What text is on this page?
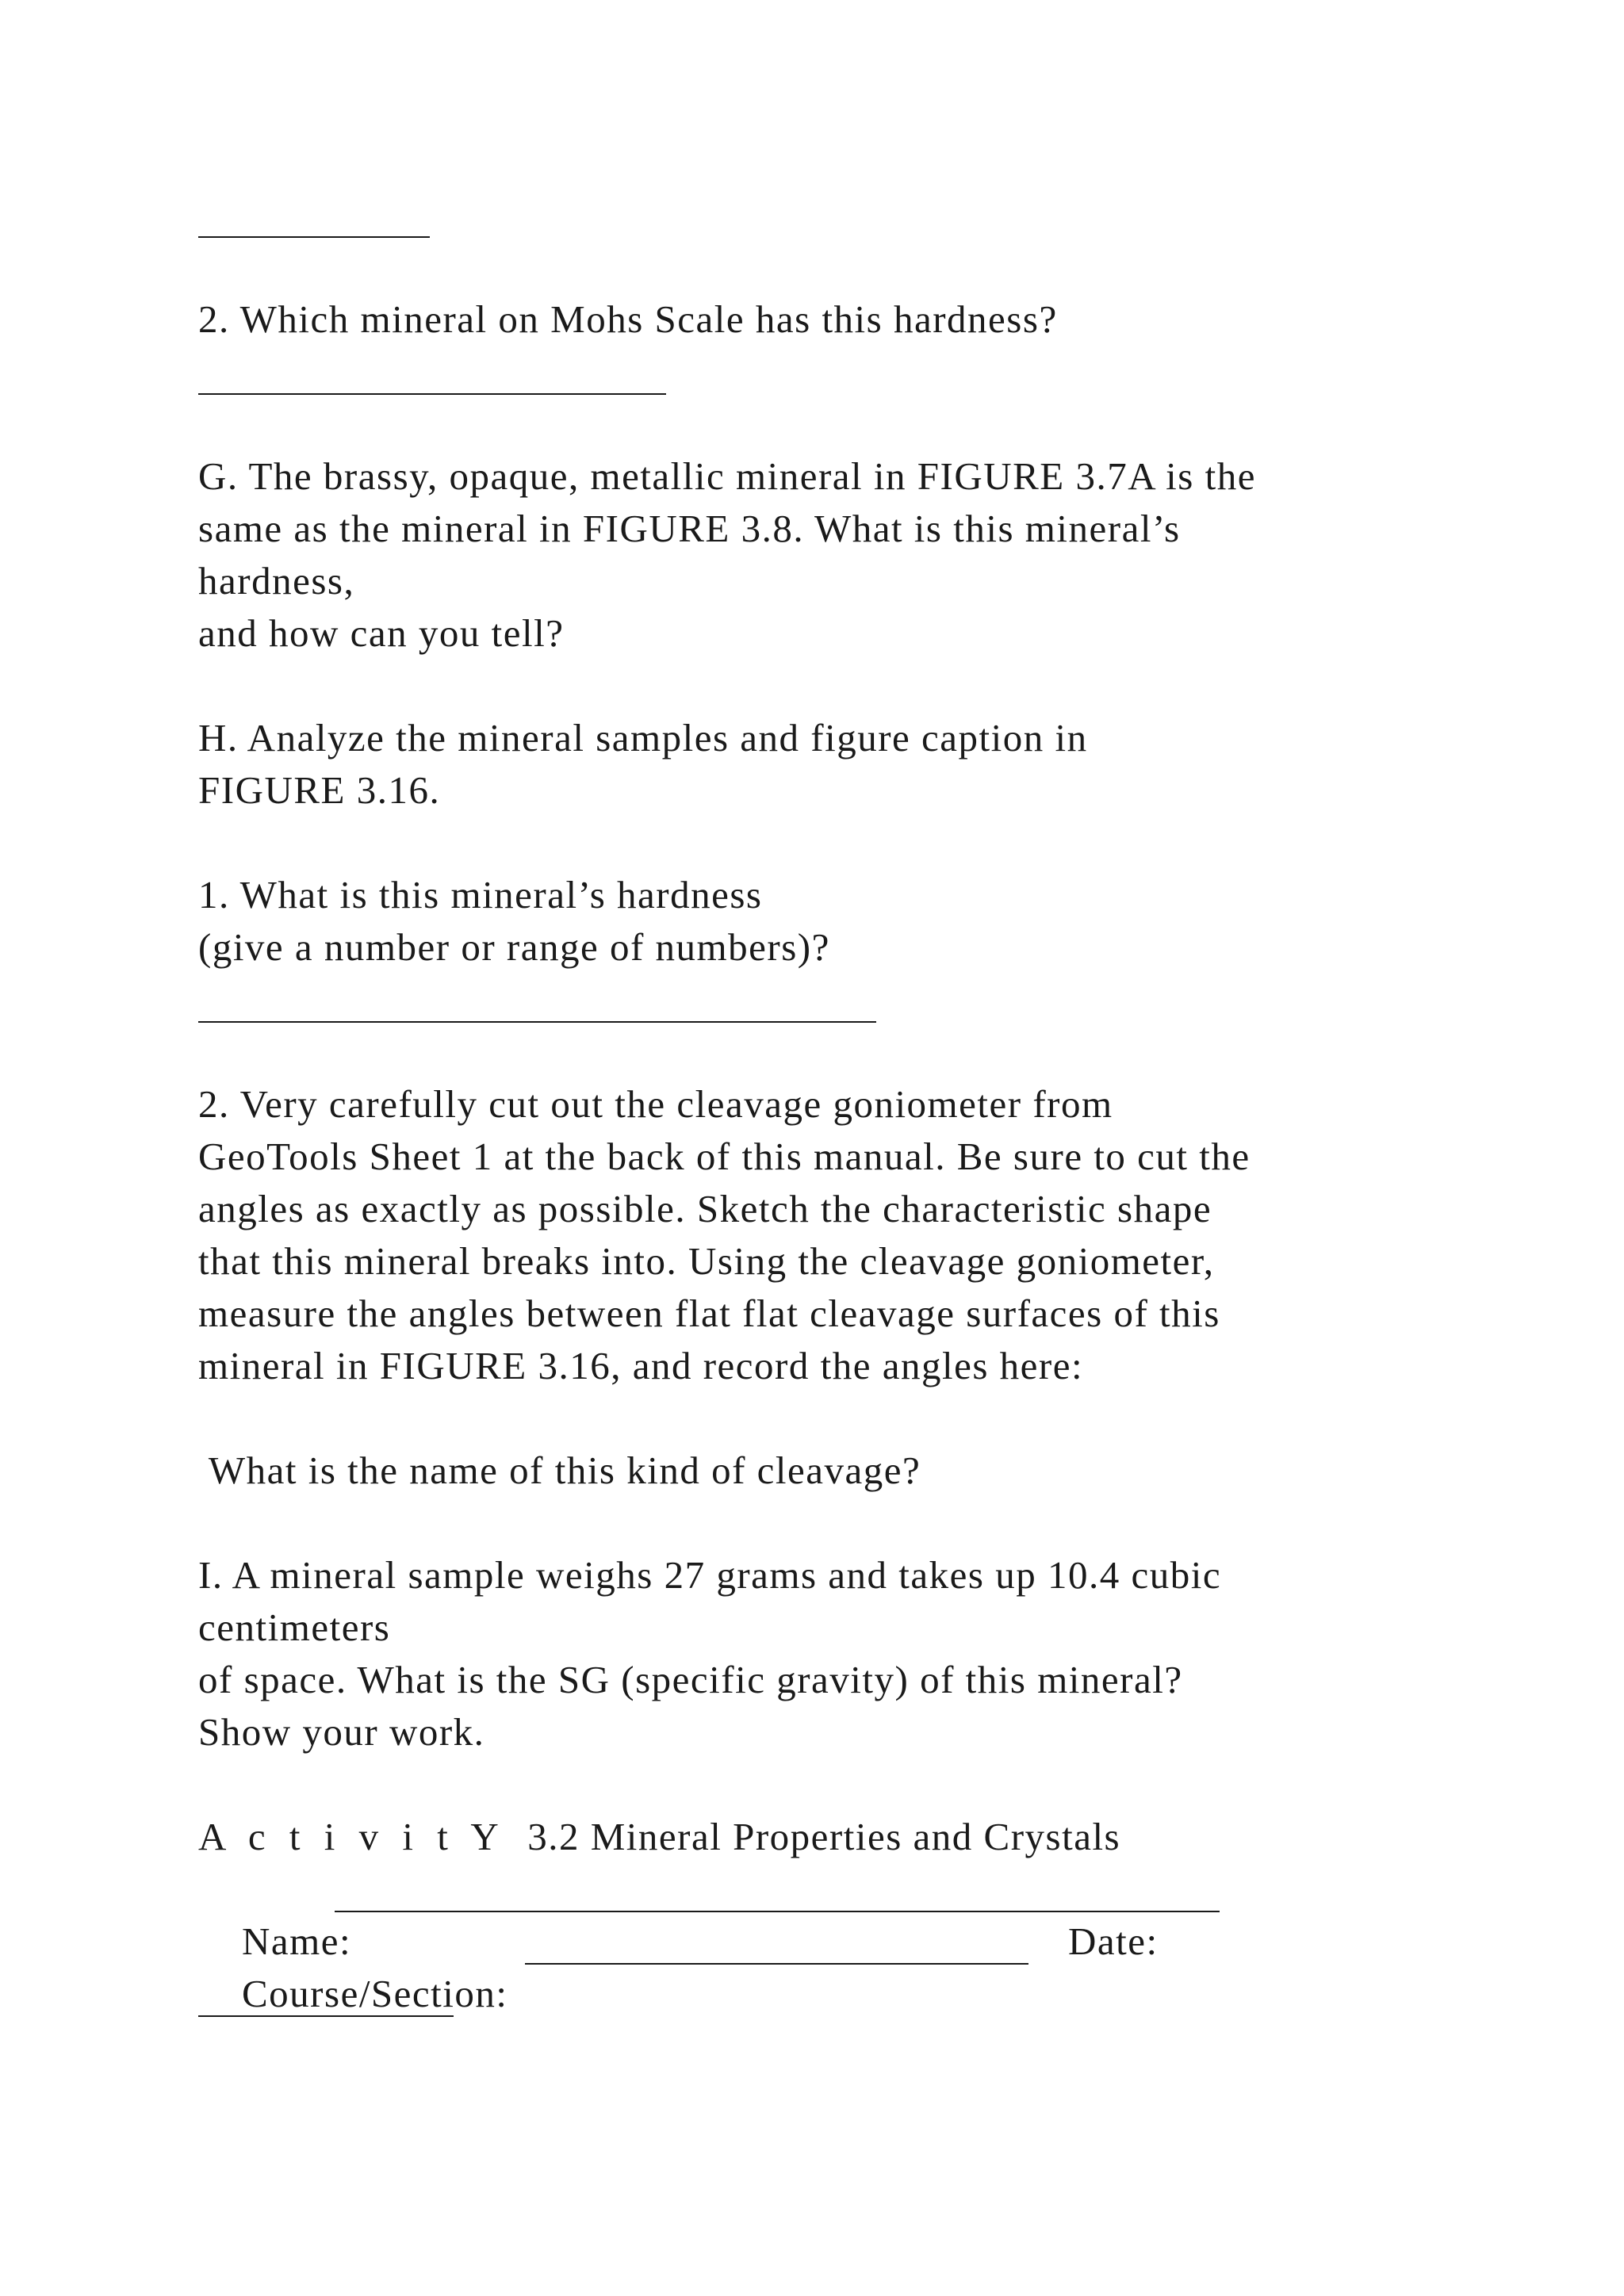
2. Which mineral on Mohs Scale has this hardness?
G. The brassy, opaque, metallic mineral in FIGURE 3.7A is the
same as the mineral in FIGURE 3.8. What is this mineral’s
hardness,
and how can you tell?
H. Analyze the mineral samples and figure caption in
FIGURE 3.16.
1. What is this mineral’s hardness
(give a number or range of numbers)?
2. Very carefully cut out the cleavage goniometer from
GeoTools Sheet 1 at the back of this manual. Be sure to cut the
angles as exactly as possible. Sketch the characteristic shape
that this mineral breaks into. Using the cleavage goniometer,
measure the angles between flat flat cleavage surfaces of this
mineral in FIGURE 3.16, and record the angles here:
What is the name of this kind of cleavage?
I. A mineral sample weighs 27 grams and takes up 10.4 cubic
centimeters
of space. What is the SG (specific gravity) of this mineral?
Show your work.
A c t i v i t Y  3.2 Mineral Properties and Crystals

Name:

Course/Section:

Date:
